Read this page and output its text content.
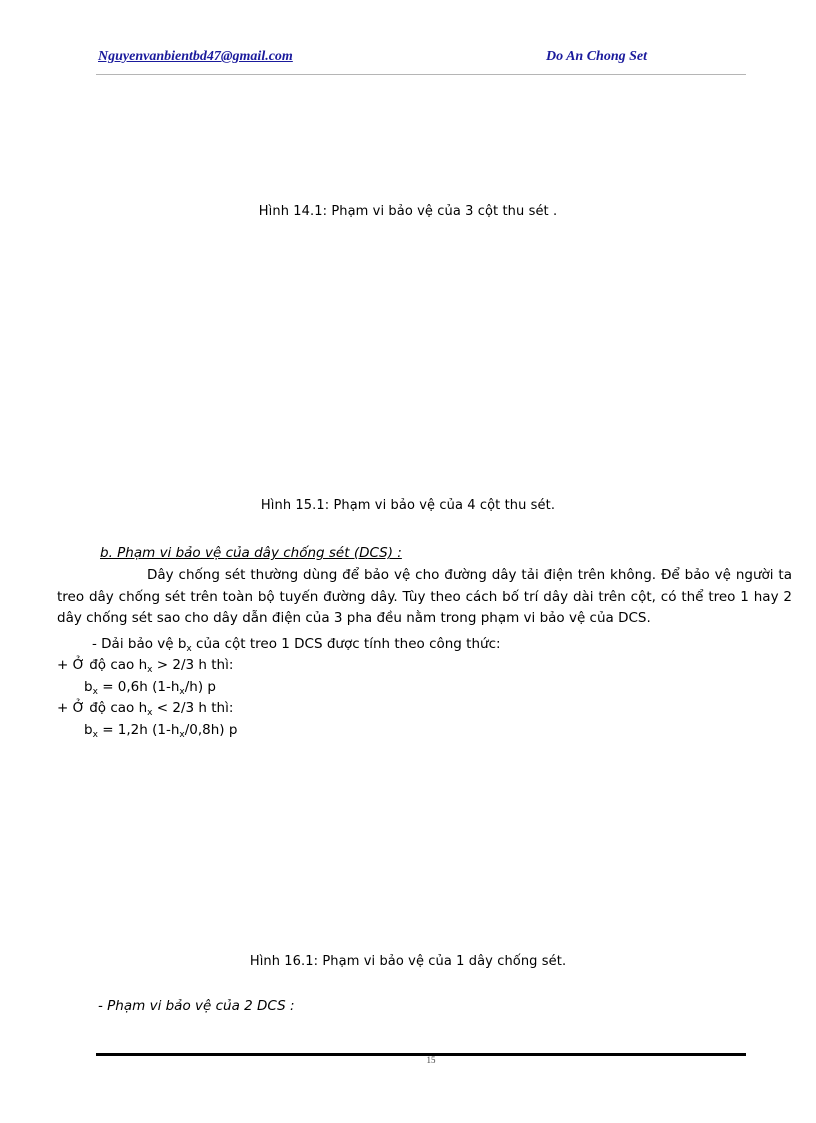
Nguyenvanbientbd47@gmail.com	Do An Chong Set
Hình 14.1: Phạm vi bảo vệ của 3 cột thu sét .
Hình 15.1: Phạm vi bảo vệ của 4 cột thu sét.
b. Phạm vi bảo vệ của dây chống sét (DCS) :

Dây chống sét thường dùng để bảo vệ cho đường dây tải điện trên không. Để bảo vệ người ta treo dây chống sét trên toàn bộ tuyến đường dây. Tùy theo cách bố trí dây dài trên cột, có thể treo 1 hay 2 dây chống sét sao cho dây dẫn điện của 3 pha đều nằm trong phạm vi bảo vệ của DCS.

- Dải bảo vệ $b_x$ của cột treo 1 DCS được tính theo công thức:
+ Ở độ cao $h_x > 2/3$ h thì:
$b_x = 0,6h$ $(1-h_x/h)$ p
+ Ở độ cao $h_x < 2/3$ h thì:
$b_x = 1,2h$ $(1-h_x/0,8h)$ p
Hình 16.1: Phạm vi bảo vệ của 1 dây chống sét.
- Phạm vi bảo vệ của 2 DCS :
15
